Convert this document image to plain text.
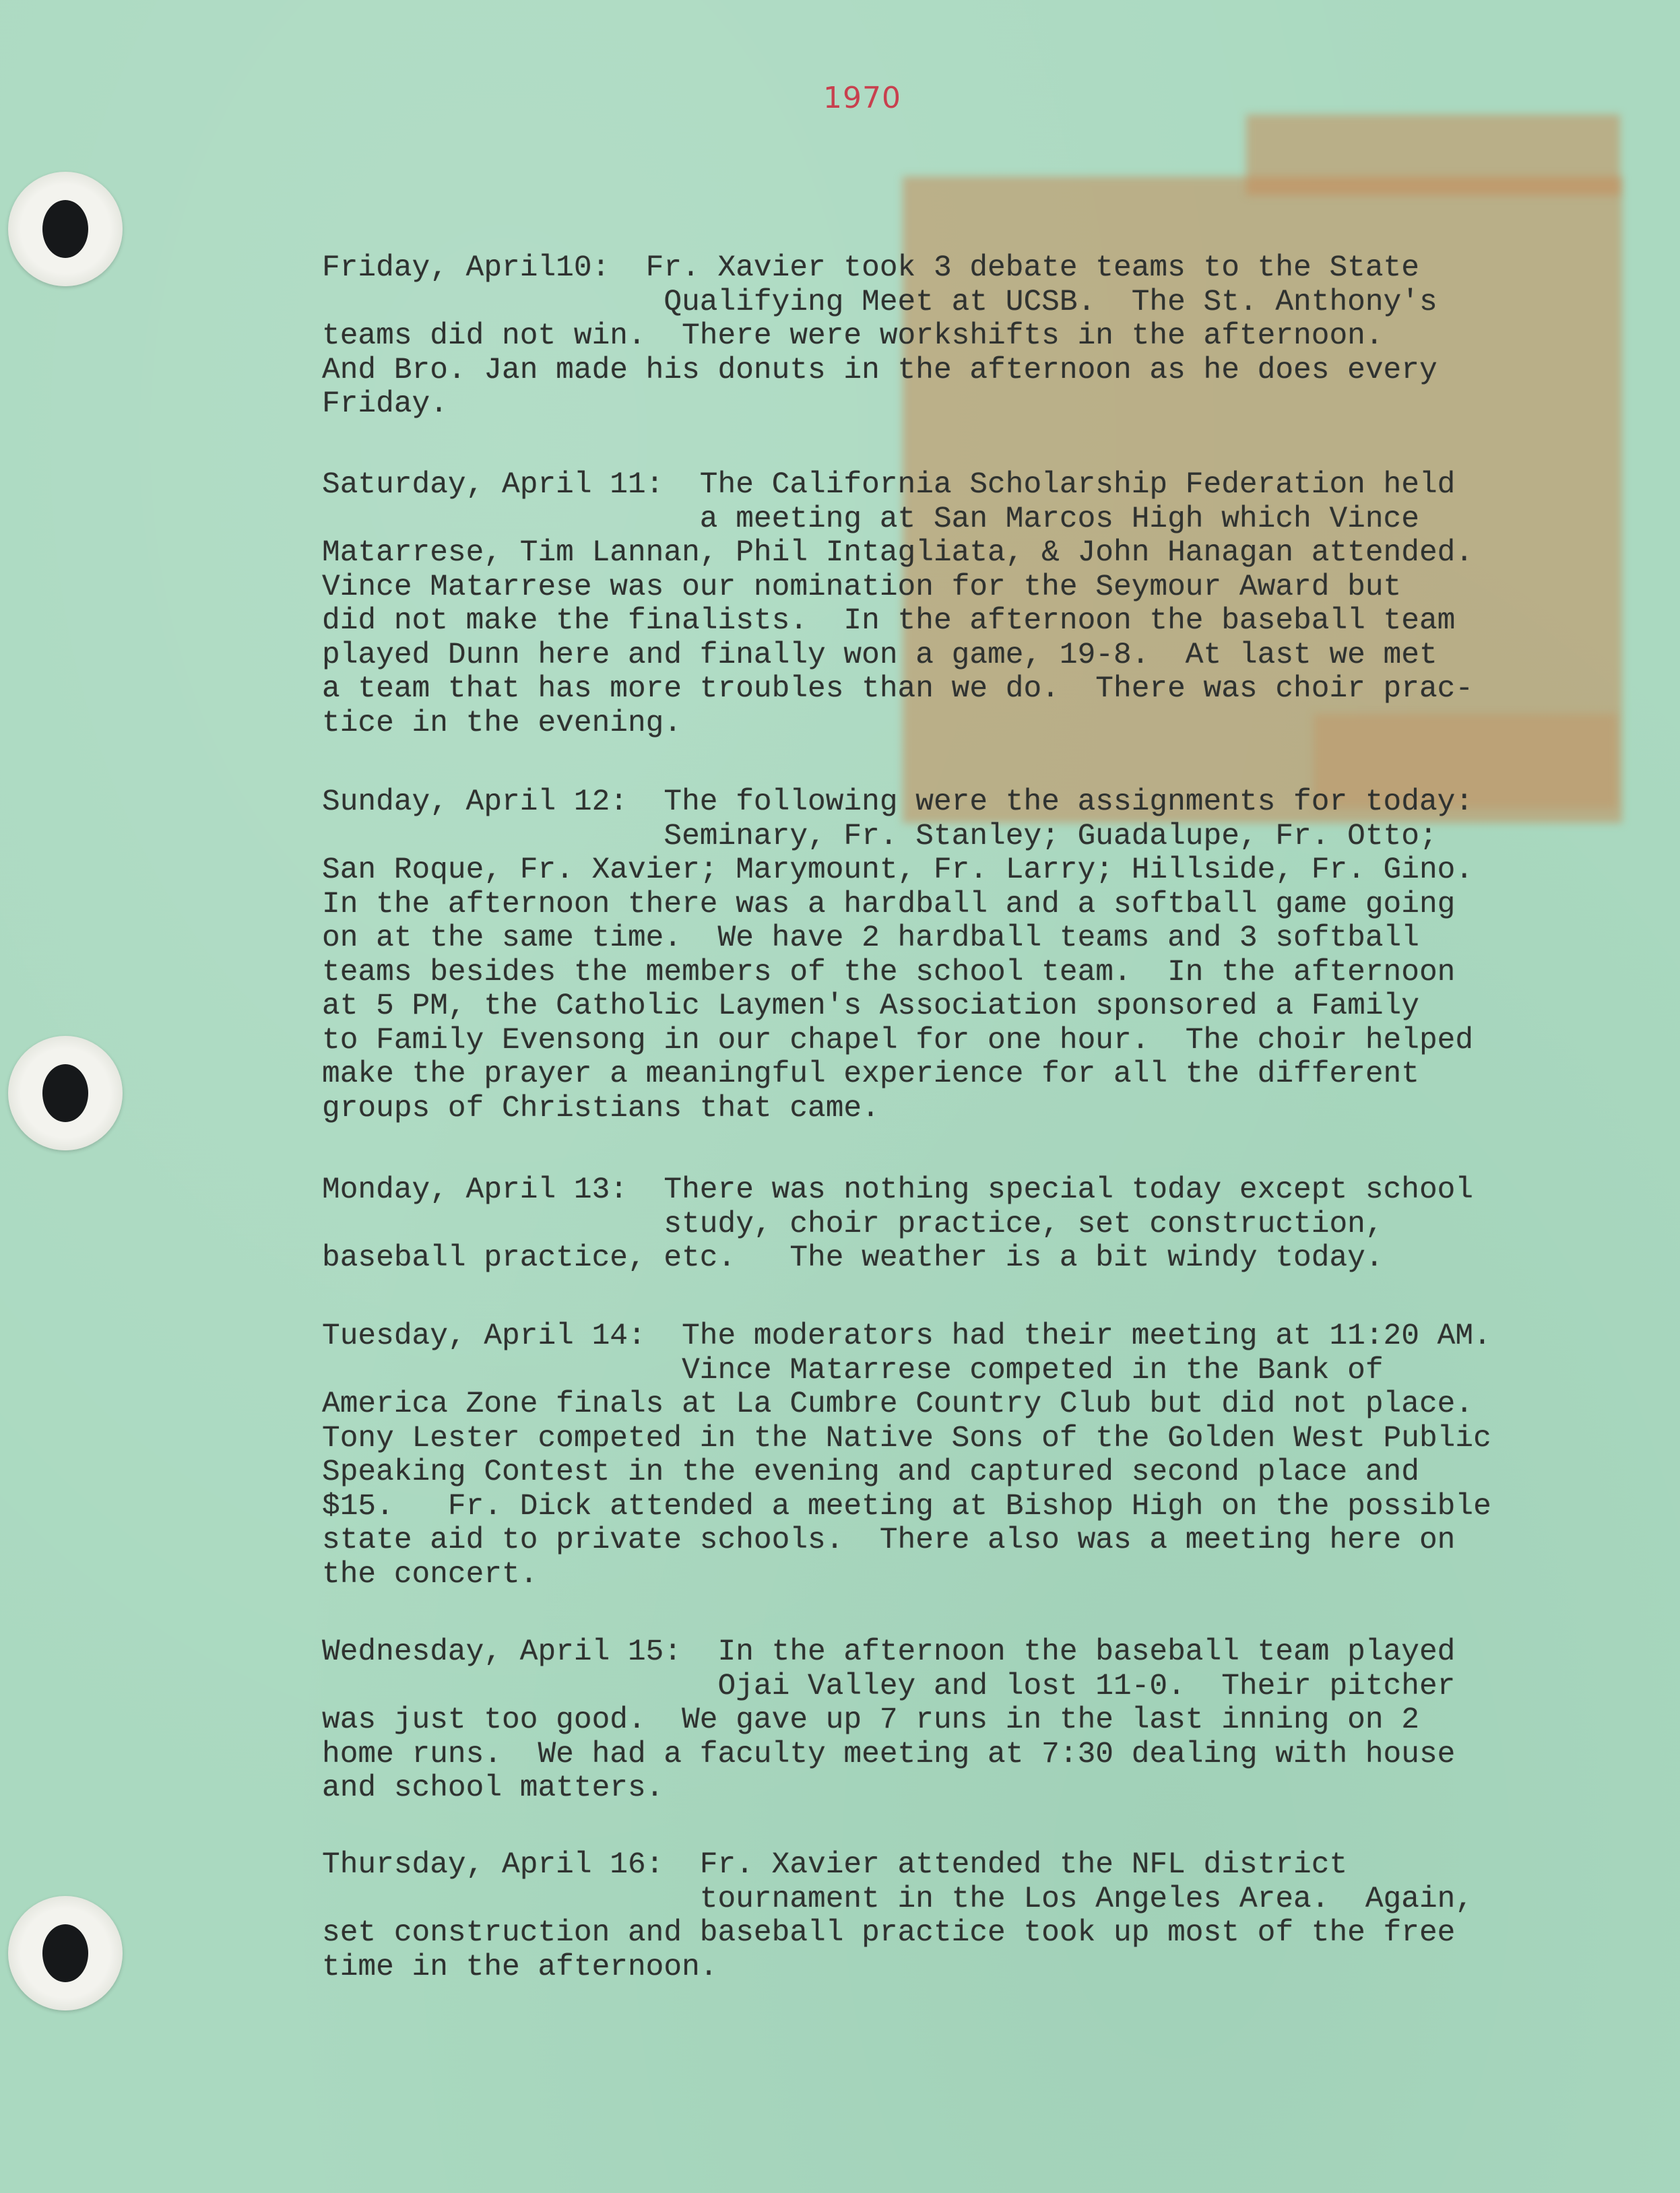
1970

Friday, April10:  Fr. Xavier took 3 debate teams to the State
Qualifying Meet at UCSB.  The St. Anthony's
teams did not win.  There were workshifts in the afternoon.
And Bro. Jan made his donuts in the afternoon as he does every
Friday.

Saturday, April 11:  The California Scholarship Federation held
a meeting at San Marcos High which Vince
Matarrese, Tim Lannan, Phil Intagliata, & John Hanagan attended.
Vince Matarrese was our nomination for the Seymour Award but
did not make the finalists.  In the afternoon the baseball team
played Dunn here and finally won a game, 19-8.  At last we met
a team that has more troubles than we do.  There was choir prac-
tice in the evening.

Sunday, April 12:  The following were the assignments for today:
Seminary, Fr. Stanley; Guadalupe, Fr. Otto;
San Roque, Fr. Xavier; Marymount, Fr. Larry; Hillside, Fr. Gino.
In the afternoon there was a hardball and a softball game going
on at the same time.  We have 2 hardball teams and 3 softball
teams besides the members of the school team.  In the afternoon
at 5 PM, the Catholic Laymen's Association sponsored a Family
to Family Evensong in our chapel for one hour.  The choir helped
make the prayer a meaningful experience for all the different
groups of Christians that came.

Monday, April 13:  There was nothing special today except school
study, choir practice, set construction,
baseball practice, etc.   The weather is a bit windy today.

Tuesday, April 14:  The moderators had their meeting at 11:20 AM.
Vince Matarrese competed in the Bank of
America Zone finals at La Cumbre Country Club but did not place.
Tony Lester competed in the Native Sons of the Golden West Public
Speaking Contest in the evening and captured second place and
$15.   Fr. Dick attended a meeting at Bishop High on the possible
state aid to private schools.  There also was a meeting here on
the concert.

Wednesday, April 15:  In the afternoon the baseball team played
Ojai Valley and lost 11-0.  Their pitcher
was just too good.  We gave up 7 runs in the last inning on 2
home runs.  We had a faculty meeting at 7:30 dealing with house
and school matters.

Thursday, April 16:  Fr. Xavier attended the NFL district
tournament in the Los Angeles Area.  Again,
set construction and baseball practice took up most of the free
time in the afternoon.
